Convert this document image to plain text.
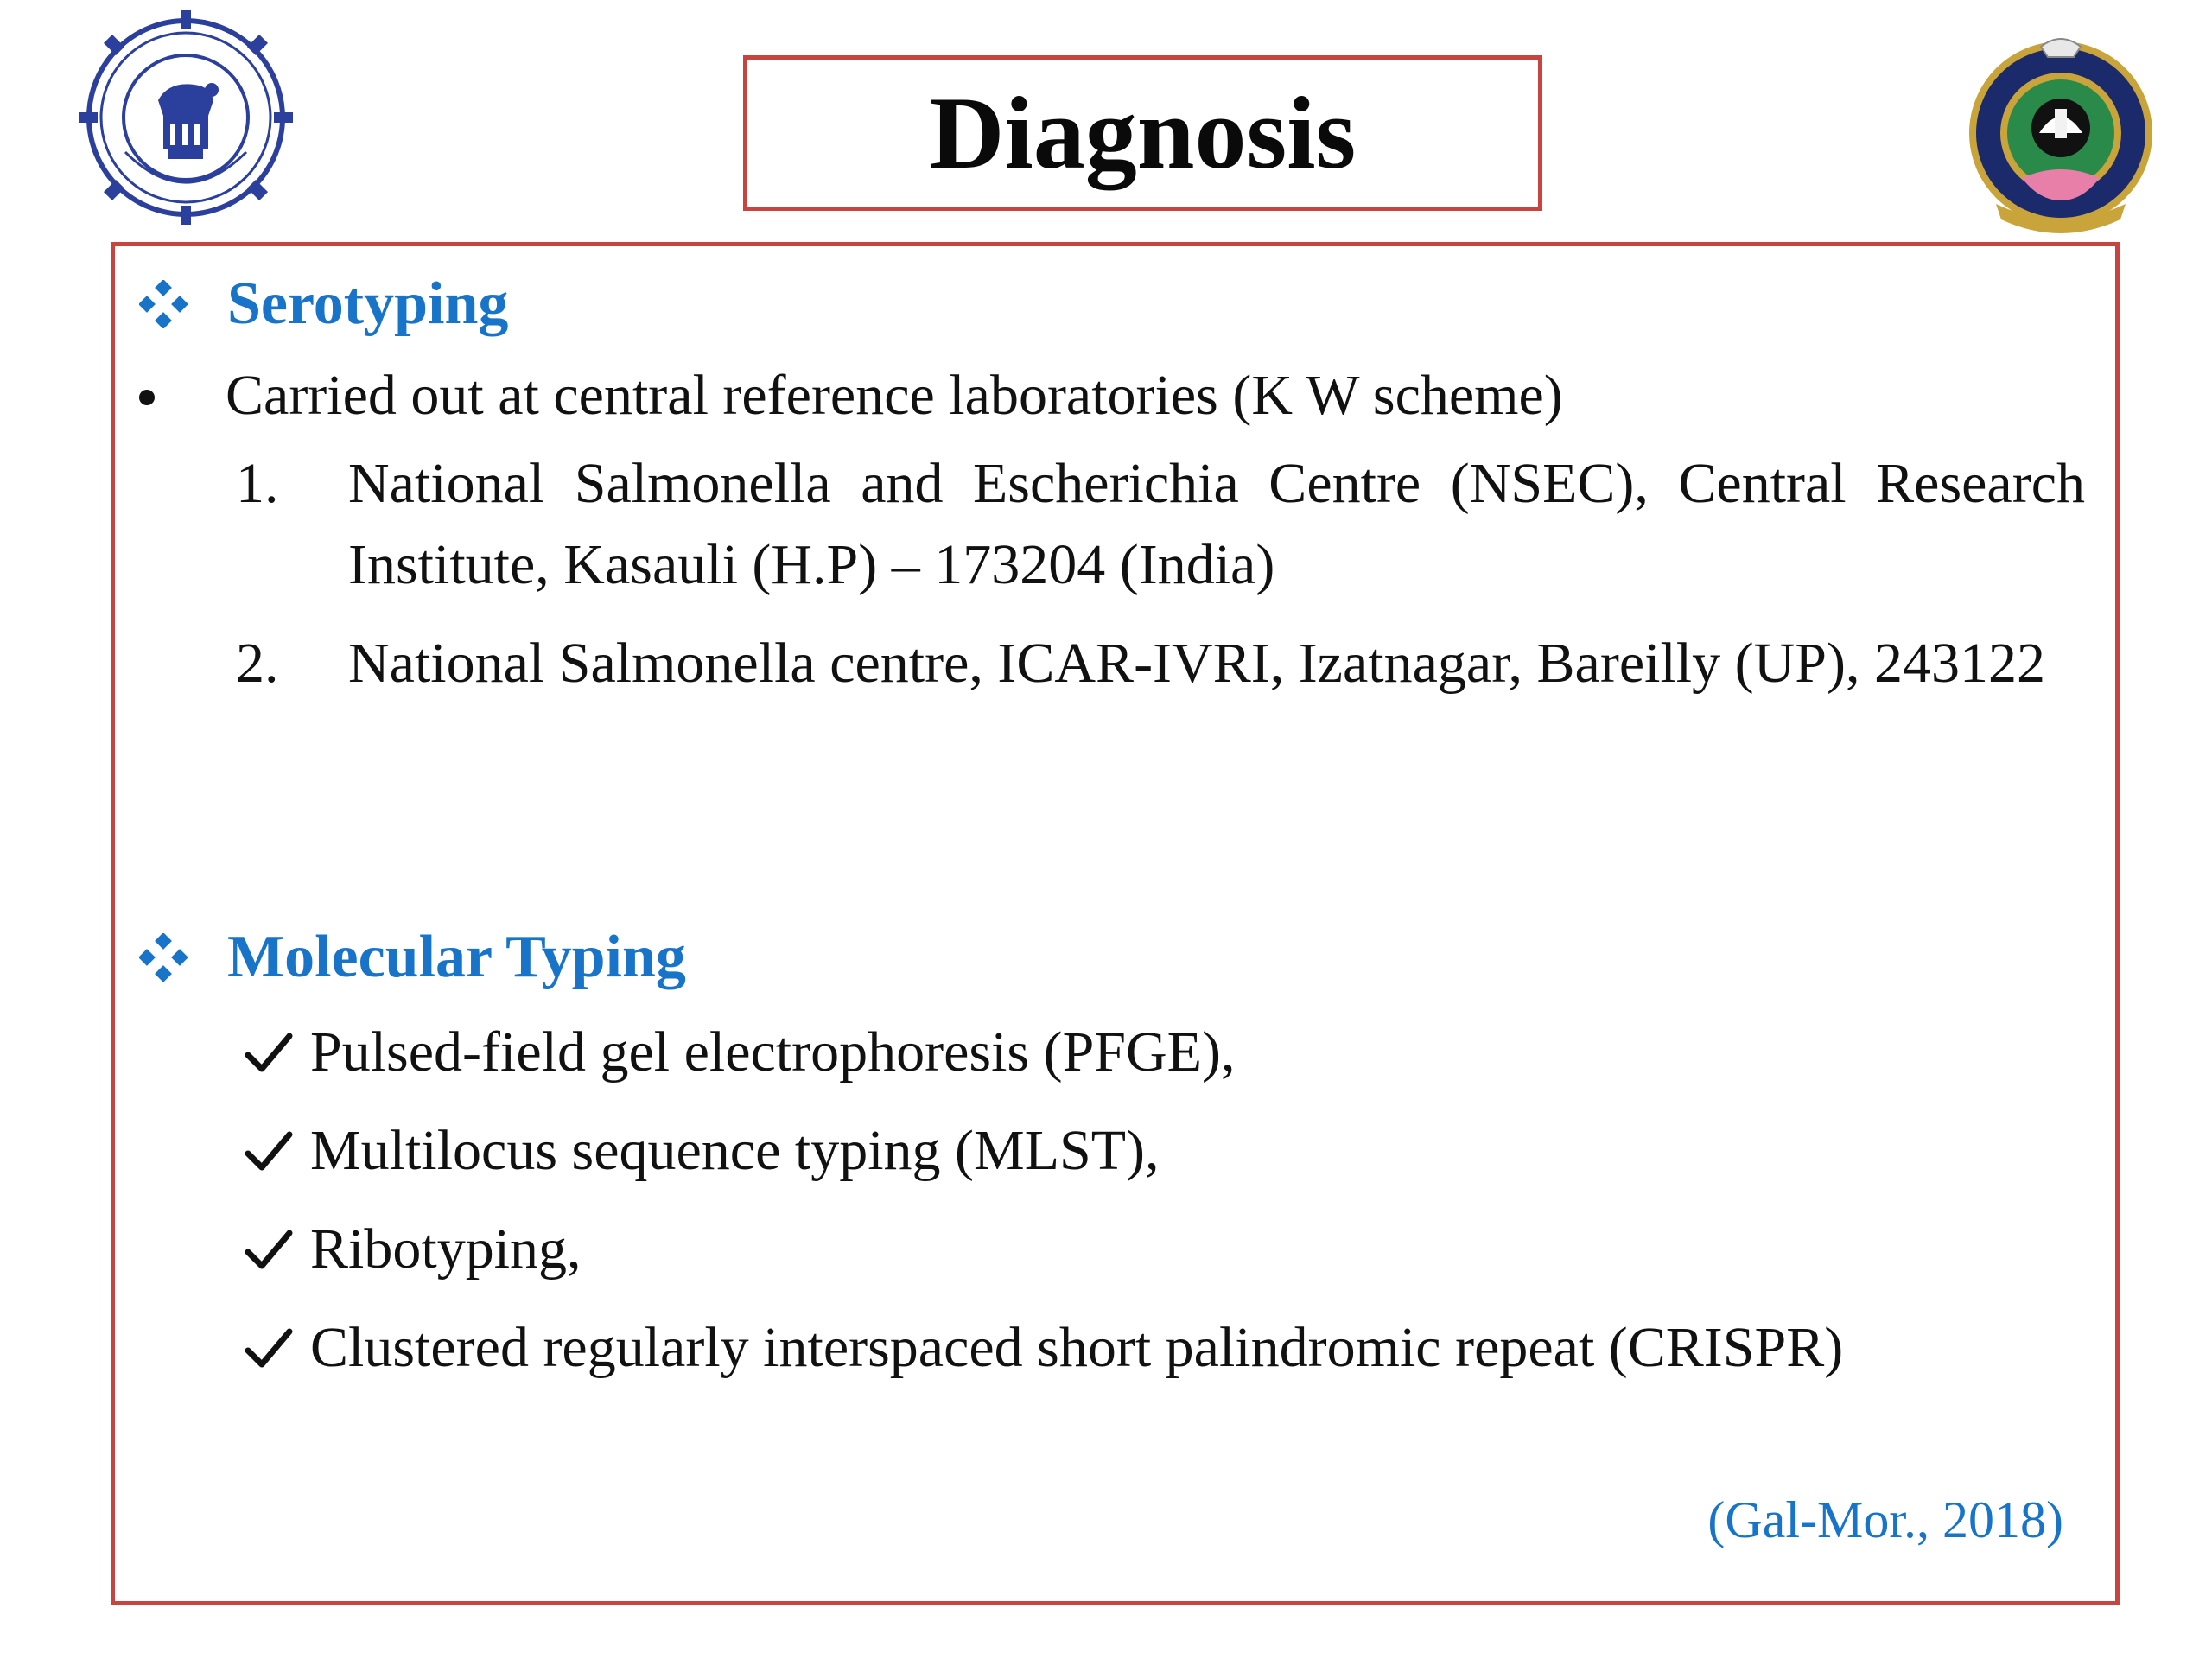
Diagnosis
Serotyping
Carried out at central reference laboratories (K W scheme)
1.	National Salmonella and Escherichia Centre (NSEC), Central Research Institute, Kasauli (H.P) – 173204 (India)
2.	National Salmonella centre, ICAR-IVRI, Izatnagar, Bareilly (UP), 243122
Molecular Typing
Pulsed-field gel electrophoresis (PFGE),
Multilocus sequence typing (MLST),
Ribotyping,
Clustered regularly interspaced short palindromic repeat (CRISPR)
(Gal-Mor., 2018)
